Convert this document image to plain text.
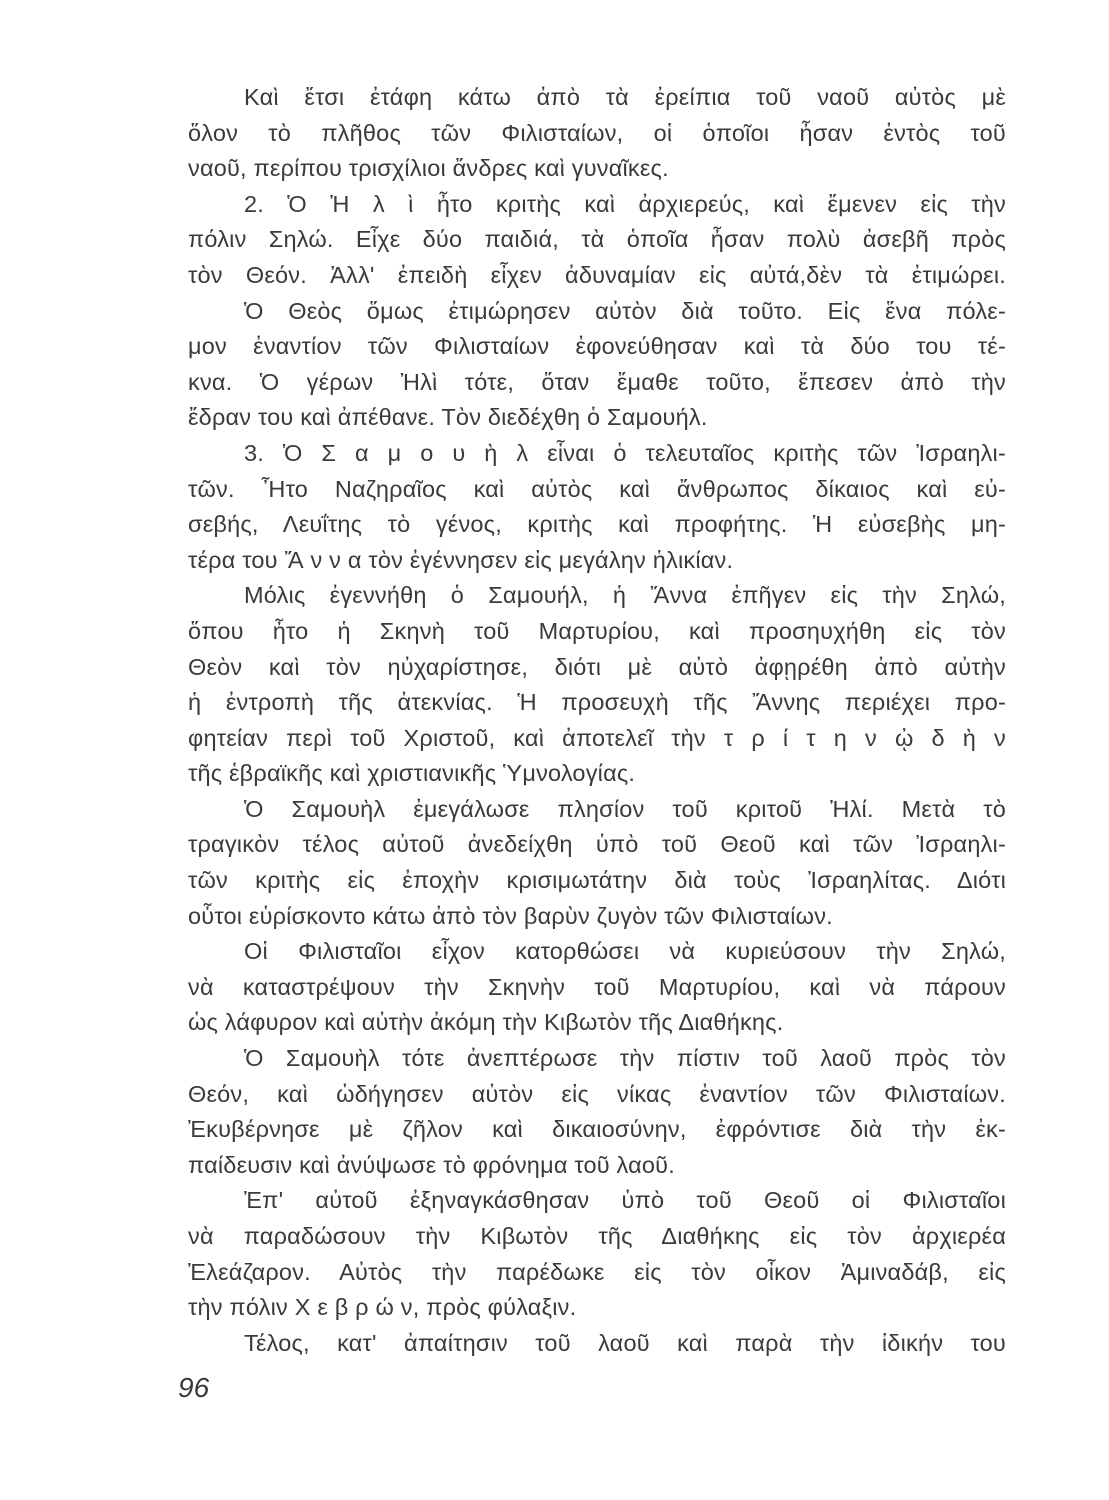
Καὶ ἔτσι ἐτάφη κάτω ἀπὸ τὰ ἐρείπια τοῦ ναοῦ αὐτὸς μὲ
ὅλον τὸ πλῆθος τῶν Φιλισταίων, οἱ ὁποῖοι ἦσαν ἐντὸς τοῦ
ναοῦ, περίπου τρισχίλιοι ἄνδρες καὶ γυναῖκες.
2. Ὁ Ἠ λ ὶ ἦτο κριτὴς καὶ ἀρχιερεύς, καὶ ἔμενεν εἰς τὴν
πόλιν Σηλώ. Εἶχε δύο παιδιά, τὰ ὁποῖα ἦσαν πολὺ ἀσεβῆ πρὸς
τὸν Θεόν. Ἀλλ' ἐπειδὴ εἶχεν ἀδυναμίαν εἰς αὐτά,δὲν τὰ ἐτιμώρει.
Ὁ Θεὸς ὅμως ἐτιμώρησεν αὐτὸν διὰ τοῦτο. Εἰς ἕνα πόλε-
μον ἐναντίον τῶν Φιλισταίων ἐφονεύθησαν καὶ τὰ δύο του τέ-
κνα. Ὁ γέρων Ἠλὶ τότε, ὅταν ἔμαθε τοῦτο, ἔπεσεν ἀπὸ τὴν
ἔδραν του καὶ ἀπέθανε. Τὸν διεδέχθη ὁ Σαμουήλ.
3. Ὁ Σ α μ ο υ ὴ λ εἶναι ὁ τελευταῖος κριτὴς τῶν Ἰσραηλι-
τῶν. Ἦτο Ναζηραῖος καὶ αὐτὸς καὶ ἄνθρωπος δίκαιος καὶ εὐ-
σεβής, Λευΐτης τὸ γένος, κριτὴς καὶ προφήτης. Ἡ εὐσεβὴς μη-
τέρα του Ἄ ν ν α τὸν ἐγέννησεν εἰς μεγάλην ἡλικίαν.
Μόλις ἐγεννήθη ὁ Σαμουήλ, ἡ Ἄννα ἐπῆγεν εἰς τὴν Σηλώ,
ὅπου ἦτο ἡ Σκηνὴ τοῦ Μαρτυρίου, καὶ προσηυχήθη εἰς τὸν
Θεὸν καὶ τὸν ηὐχαρίστησε, διότι μὲ αὐτὸ ἀφῃρέθη ἀπὸ αὐτὴν
ἡ ἐντροπὴ τῆς ἀτεκνίας. Ἡ προσευχὴ τῆς Ἄννης περιέχει προ-
φητείαν περὶ τοῦ Χριστοῦ, καὶ ἀποτελεῖ τὴν τ ρ ί τ η ν ᾠ δ ὴ ν
τῆς ἑβραϊκῆς καὶ χριστιανικῆς Ὑμνολογίας.
Ὁ Σαμουὴλ ἐμεγάλωσε πλησίον τοῦ κριτοῦ Ἠλί. Μετὰ τὸ
τραγικὸν τέλος αὐτοῦ ἀνεδείχθη ὑπὸ τοῦ Θεοῦ καὶ τῶν Ἰσραηλι-
τῶν κριτὴς εἰς ἐποχὴν κρισιμωτάτην διὰ τοὺς Ἰσραηλίτας. Διότι
οὗτοι εὑρίσκοντο κάτω ἀπὸ τὸν βαρὺν ζυγὸν τῶν Φιλισταίων.
Οἱ Φιλισταῖοι εἶχον κατορθώσει νὰ κυριεύσουν τὴν Σηλώ,
νὰ καταστρέψουν τὴν Σκηνὴν τοῦ Μαρτυρίου, καὶ νὰ πάρουν
ὡς λάφυρον καὶ αὐτὴν ἀκόμη τὴν Κιβωτὸν τῆς Διαθήκης.
Ὁ Σαμουὴλ τότε ἀνεπτέρωσε τὴν πίστιν τοῦ λαοῦ πρὸς τὸν
Θεόν, καὶ ὡδήγησεν αὐτὸν εἰς νίκας ἐναντίον τῶν Φιλισταίων.
Ἐκυβέρνησε μὲ ζῆλον καὶ δικαιοσύνην, ἐφρόντισε διὰ τὴν ἐκ-
παίδευσιν καὶ ἀνύψωσε τὸ φρόνημα τοῦ λαοῦ.
Ἐπ' αὐτοῦ ἐξηναγκάσθησαν ὑπὸ τοῦ Θεοῦ οἱ Φιλισταῖοι
νὰ παραδώσουν τὴν Κιβωτὸν τῆς Διαθήκης εἰς τὸν ἀρχιερέα
Ἐλεάζαρον. Αὐτὸς τὴν παρέδωκε εἰς τὸν οἶκον Ἀμιναδάβ, εἰς
τὴν πόλιν Χ ε β ρ ώ ν, πρὸς φύλαξιν.
Τέλος, κατ' ἀπαίτησιν τοῦ λαοῦ καὶ παρὰ τὴν ἰδικήν του
96
